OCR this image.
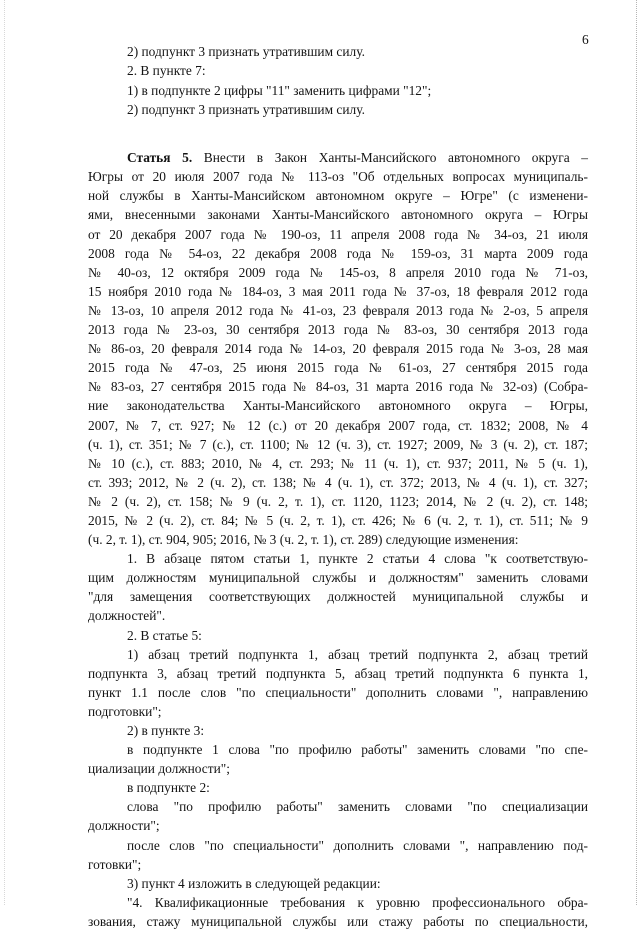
6
2) подпункт 3 признать утратившим силу.
2. В пункте 7:
1) в подпункте 2 цифры "11" заменить цифрами "12";
2) подпункт 3 признать утратившим силу.
Статья 5. Внести в Закон Ханты-Мансийского автономного округа –
Югры от 20 июля 2007 года № 113-оз "Об отдельных вопросах муниципаль-
ной службы в Ханты-Мансийском автономном округе – Югре" (с изменени-
ями, внесенными законами Ханты-Мансийского автономного округа – Югры
от 20 декабря 2007 года № 190-оз, 11 апреля 2008 года № 34-оз, 21 июля
2008 года № 54-оз, 22 декабря 2008 года № 159-оз, 31 марта 2009 года
№ 40-оз, 12 октября 2009 года № 145-оз, 8 апреля 2010 года № 71-оз,
15 ноября 2010 года № 184-оз, 3 мая 2011 года № 37-оз, 18 февраля 2012 года
№ 13-оз, 10 апреля 2012 года № 41-оз, 23 февраля 2013 года № 2-оз, 5 апреля
2013 года № 23-оз, 30 сентября 2013 года № 83-оз, 30 сентября 2013 года
№ 86-оз, 20 февраля 2014 года № 14-оз, 20 февраля 2015 года № 3-оз, 28 мая
2015 года № 47-оз, 25 июня 2015 года № 61-оз, 27 сентября 2015 года
№ 83-оз, 27 сентября 2015 года № 84-оз, 31 марта 2016 года № 32-оз) (Собра-
ние законодательства Ханты-Мансийского автономного округа – Югры,
2007, № 7, ст. 927; № 12 (с.) от 20 декабря 2007 года, ст. 1832; 2008, № 4
(ч. 1), ст. 351; № 7 (с.), ст. 1100; № 12 (ч. 3), ст. 1927; 2009, № 3 (ч. 2), ст. 187;
№ 10 (с.), ст. 883; 2010, № 4, ст. 293; № 11 (ч. 1), ст. 937; 2011, № 5 (ч. 1),
ст. 393; 2012, № 2 (ч. 2), ст. 138; № 4 (ч. 1), ст. 372; 2013, № 4 (ч. 1), ст. 327;
№ 2 (ч. 2), ст. 158; № 9 (ч. 2, т. 1), ст. 1120, 1123; 2014, № 2 (ч. 2), ст. 148;
2015, № 2 (ч. 2), ст. 84; № 5 (ч. 2, т. 1), ст. 426; № 6 (ч. 2, т. 1), ст. 511; № 9
(ч. 2, т. 1), ст. 904, 905; 2016, № 3 (ч. 2, т. 1), ст. 289) следующие изменения:
1. В абзаце пятом статьи 1, пункте 2 статьи 4 слова "к соответствую-
щим должностям муниципальной службы и должностям" заменить словами
"для замещения соответствующих должностей муниципальной службы и
должностей".
2. В статье 5:
1) абзац третий подпункта 1, абзац третий подпункта 2, абзац третий
подпункта 3, абзац третий подпункта 5, абзац третий подпункта 6 пункта 1,
пункт 1.1 после слов "по специальности" дополнить словами ", направлению
подготовки";
2) в пункте 3:
в подпункте 1 слова "по профилю работы" заменить словами "по спе-
циализации должности";
в подпункте 2:
слова "по профилю работы" заменить словами "по специализации
должности";
после слов "по специальности" дополнить словами ", направлению под-
готовки";
3) пункт 4 изложить в следующей редакции:
"4. Квалификационные требования к уровню профессионального обра-
зования, стажу муниципальной службы или стажу работы по специальности,
